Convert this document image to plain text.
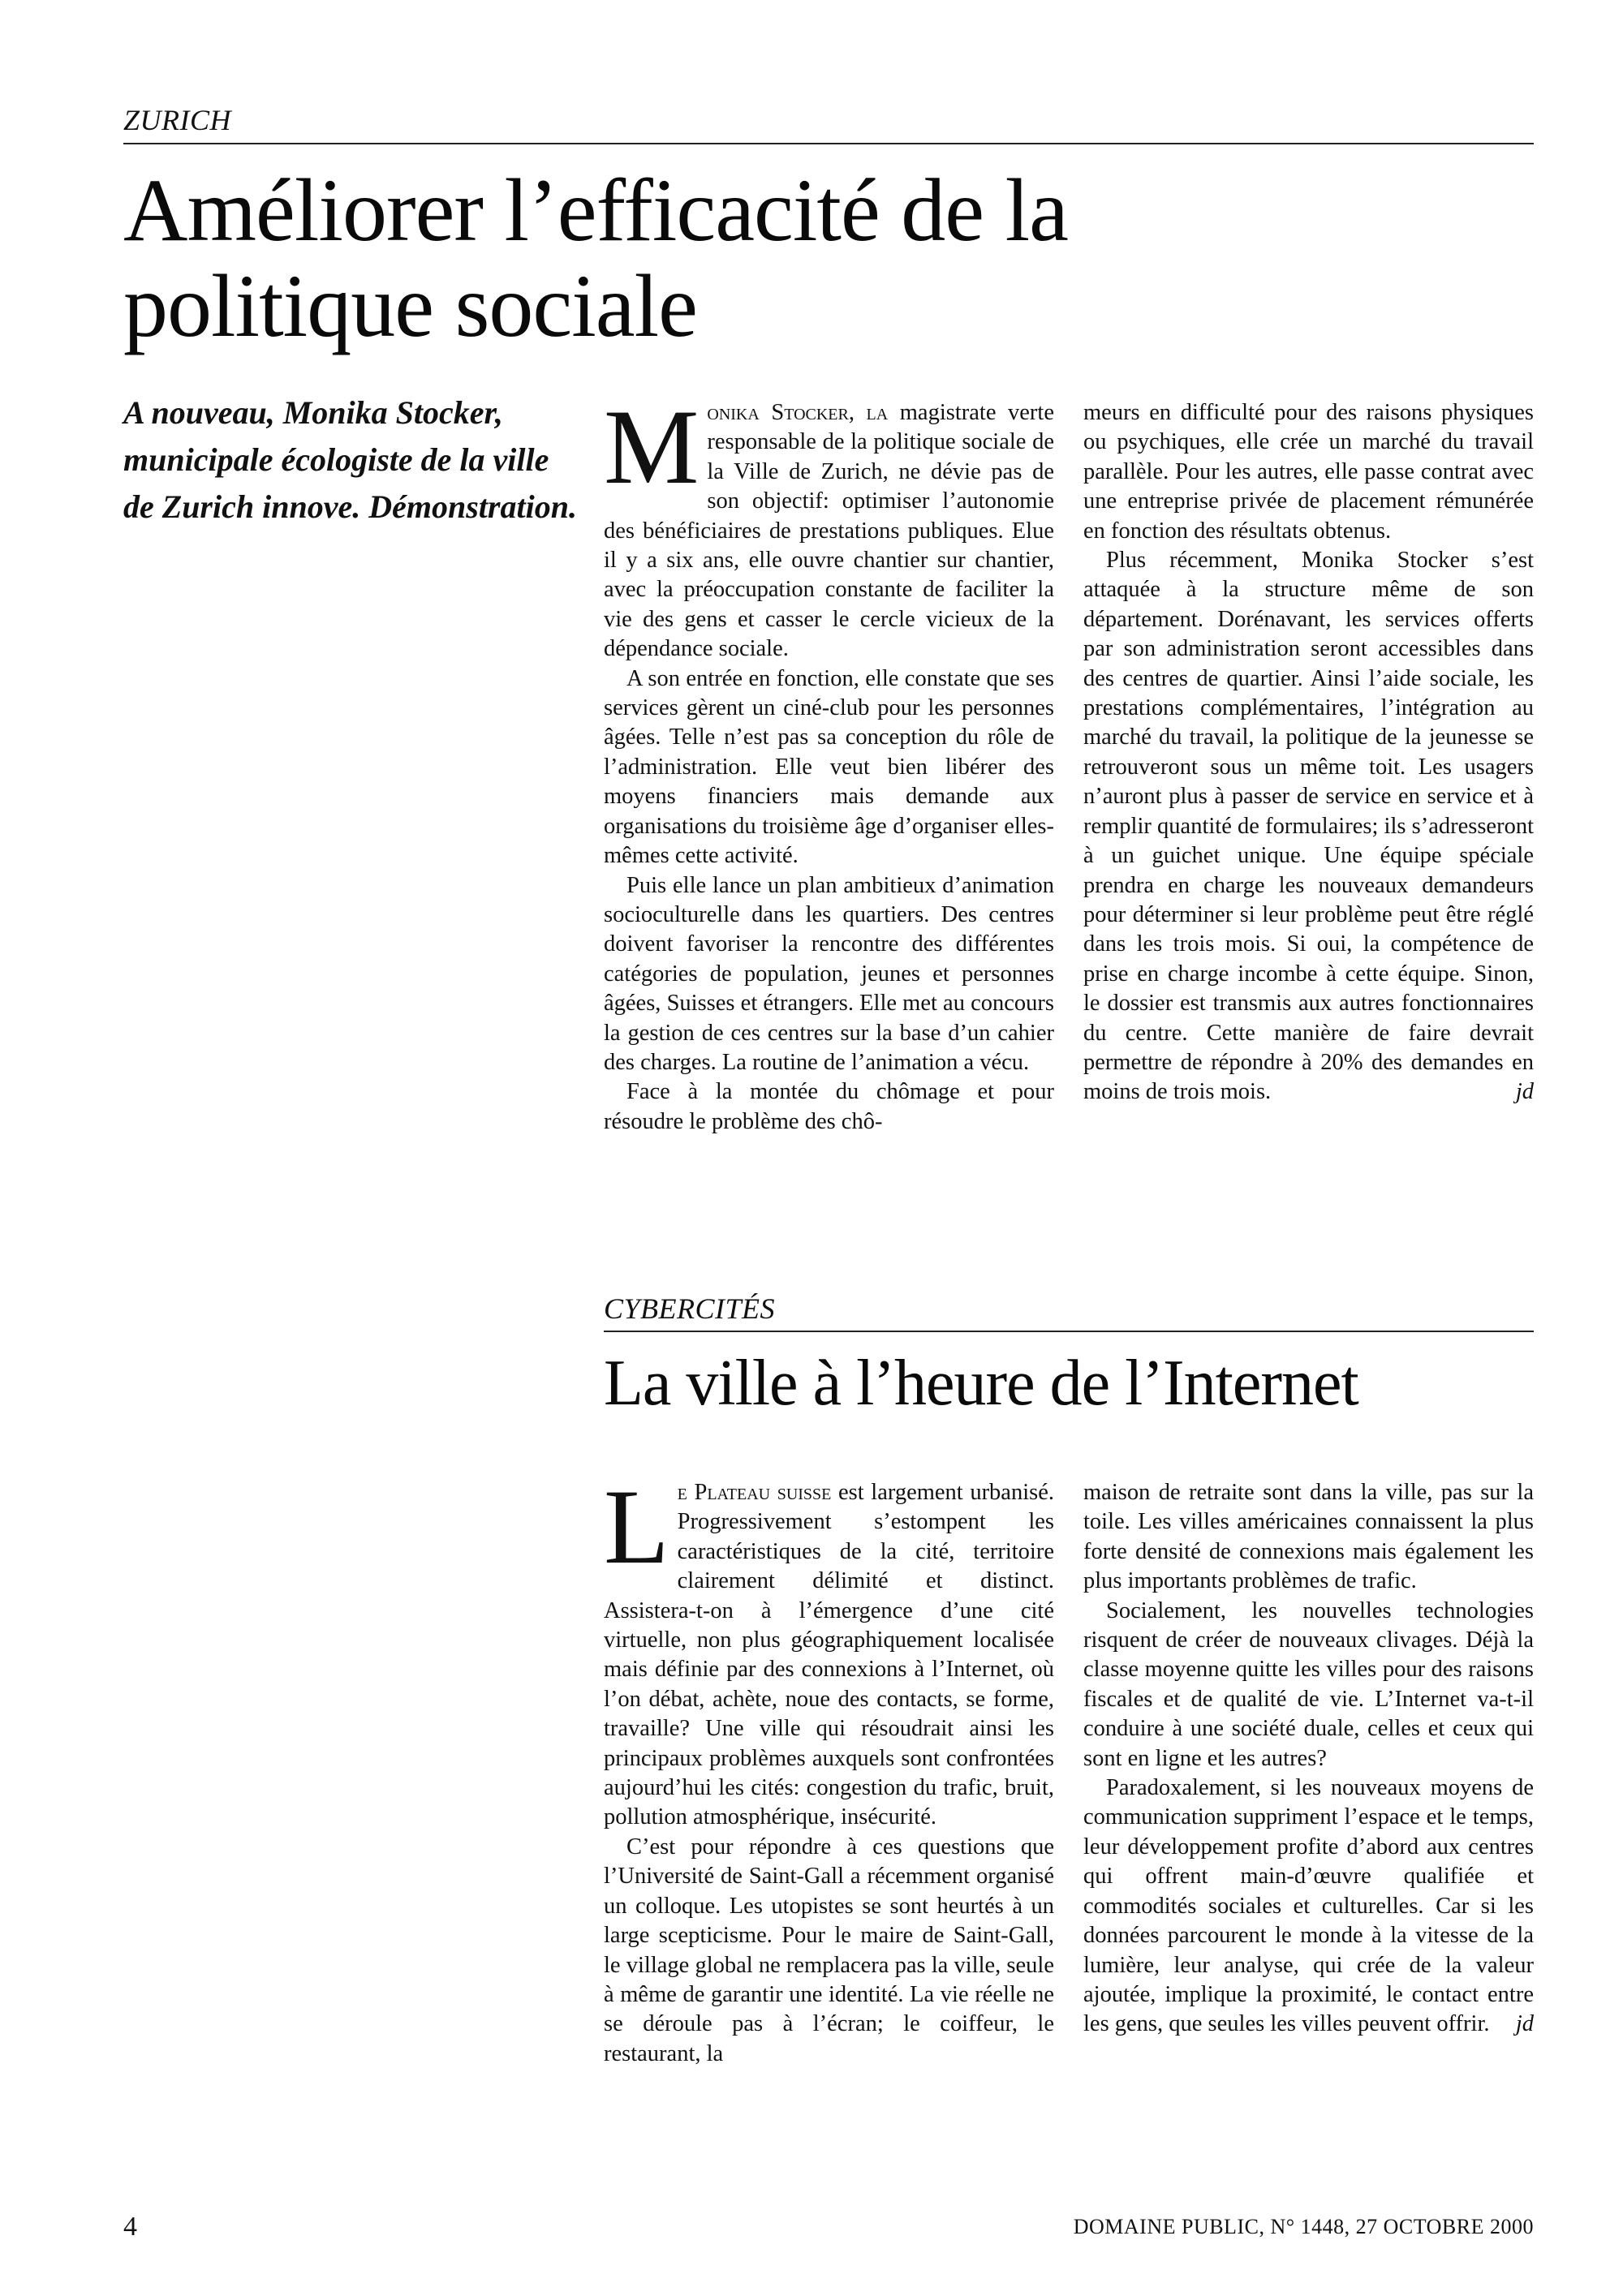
ZURICH
Améliorer l’efficacité de la politique sociale

A nouveau, Monika Stocker, municipale écologiste de la ville de Zurich innove. Démonstration.

Monika Stocker, la magistrate verte responsable de la politique sociale de la Ville de Zurich, ne dévie pas de son objectif: optimiser l’autonomie des bénéficiaires de prestations publiques. Elue il y a six ans, elle ouvre chantier sur chantier, avec la préoccupation constante de faciliter la vie des gens et casser le cercle vicieux de la dépendance sociale.

A son entrée en fonction, elle constate que ses services gèrent un ciné-club pour les personnes âgées. Telle n’est pas sa conception du rôle de l’administration. Elle veut bien libérer des moyens financiers mais demande aux organisations du troisième âge d’organiser elles-mêmes cette activité.

Puis elle lance un plan ambitieux d’animation socioculturelle dans les quartiers. Des centres doivent favoriser la rencontre des différentes catégories de population, jeunes et personnes âgées, Suisses et étrangers. Elle met au concours la gestion de ces centres sur la base d’un cahier des charges. La routine de l’animation a vécu.

Face à la montée du chômage et pour résoudre le problème des chô-

meurs en difficulté pour des raisons physiques ou psychiques, elle crée un marché du travail parallèle. Pour les autres, elle passe contrat avec une entreprise privée de placement rémunérée en fonction des résultats obtenus.

Plus récemment, Monika Stocker s’est attaquée à la structure même de son département. Dorénavant, les services offerts par son administration seront accessibles dans des centres de quartier. Ainsi l’aide sociale, les prestations complémentaires, l’intégration au marché du travail, la politique de la jeunesse se retrouveront sous un même toit. Les usagers n’auront plus à passer de service en service et à remplir quantité de formulaires; ils s’adresseront à un guichet unique. Une équipe spéciale prendra en charge les nouveaux demandeurs pour déterminer si leur problème peut être réglé dans les trois mois. Si oui, la compétence de prise en charge incombe à cette équipe. Sinon, le dossier est transmis aux autres fonctionnaires du centre. Cette manière de faire devrait permettre de répondre à 20% des demandes en moins de trois mois.	jd

CYBERCITÉS
La ville à l’heure de l’Internet

Le Plateau suisse est largement urbanisé. Progressivement s’estompent les caractéristiques de la cité, territoire clairement délimité et distinct. Assistera-t-on à l’émergence d’une cité virtuelle, non plus géographiquement localisée mais définie par des connexions à l’Internet, où l’on débat, achète, noue des contacts, se forme, travaille? Une ville qui résoudrait ainsi les principaux problèmes auxquels sont confrontées aujourd’hui les cités: congestion du trafic, bruit, pollution atmosphérique, insécurité.

C’est pour répondre à ces questions que l’Université de Saint-Gall a récemment organisé un colloque. Les utopistes se sont heurtés à un large scepticisme. Pour le maire de Saint-Gall, le village global ne remplacera pas la ville, seule à même de garantir une identité. La vie réelle ne se déroule pas à l’écran; le coiffeur, le restaurant, la

maison de retraite sont dans la ville, pas sur la toile. Les villes américaines connaissent la plus forte densité de connexions mais également les plus importants problèmes de trafic.

Socialement, les nouvelles technologies risquent de créer de nouveaux clivages. Déjà la classe moyenne quitte les villes pour des raisons fiscales et de qualité de vie. L’Internet va-t-il conduire à une société duale, celles et ceux qui sont en ligne et les autres?

Paradoxalement, si les nouveaux moyens de communication suppriment l’espace et le temps, leur développement profite d’abord aux centres qui offrent main-d’œuvre qualifiée et commodités sociales et culturelles. Car si les données parcourent le monde à la vitesse de la lumière, leur analyse, qui crée de la valeur ajoutée, implique la proximité, le contact entre les gens, que seules les villes peuvent offrir.	jd

4	DOMAINE PUBLIC, N° 1448, 27 OCTOBRE 2000
